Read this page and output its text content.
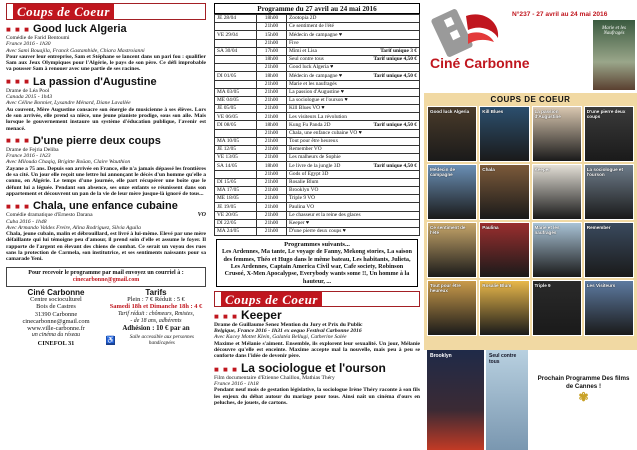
Coups de Coeur
■ ■ ■ Good luck Algeria
Comédie de Farid Bentoumi
France 2016 - 1h30
Avec Sami Bouajila, Franck Gastambide, Chiara Mastroianni
Pour sauver leur entreprise, Sam et Stéphane se lancent dans un pari fou : qualifier Sam aux Jeux Olympiques pour l'Algérie, le pays de son père. Ce défi improbable va pousser Sam à renouer avec une partie de ses racines.
■ ■ ■ La passion d'Augustine
Drame de Léa Pool
Canada 2015 - 1h43
Avec Céline Bonnier, Lysandre Ménard, Diane Lavallée
Au couvent, Mère Augustine consacre son énergie de musicienne à ses élèves. Lors de son arrivée, elle prend sa nièce, une jeune pianiste prodige, sous son aile. Mais lorsque le gouvernement instaure un système d'éducation publique, l'avenir est menacé.
■ ■ ■ D'une pierre deux coups
Drame de Fejria Deliba
France 2016 - 1h23
Avec Milouda Chaqiq, Brigitte Roüan, Claire Wauthion
Zayane a 75 ans. Depuis son arrivée en France, elle n'a jamais dépassé les frontières de sa cité. Un jour elle reçoit une lettre lui annonçant le décès d'un homme qu'elle a connu, en Algérie. Le temps d'une journée, elle part récupérer une boîte que le défunt lui a léguée. Pendant son absence, ses onze enfants se réunissent dans son appartement et découvrent un pan de la vie de leur mère jusque-là ignoré de tous...
■ ■ ■ Chala, une enfance cubaine
Comédie dramatique d'Ernesto Darana	VO
Cuba 2016 - 1h48
Avec Armando Valdes Freire, Alina Rodriguez, Silvia Aguila
Chala, jeune cubain, malin et débrouillard, est livré à lui-même. Elevé par une mère défaillante qui lui témoigne peu d'amour, il prend soin d'elle et assume le foyer. Il rapporte de l'argent en élevant des chiens de combat. Ce serait un voyou des rues sans la protection de Carmela, son institutrice, et ses sentiments naissants pour sa camarade Yeni.
Pour recevoir le programme par mail envoyez un courriel à :
cinecarbonne@gmail.com
Ciné Carbonne
Centre socioculturel
Bois de Castres
31390 Carbonne
cinecarbonne@gmail.com
www.ville-carbonne.fr
un cinéma du réseau
CINEFOL 31
Tarifs
Plein : 7 € Réduit : 5 €
Samedi 18h et Dimanche 18h : 4 €
Tarif réduit : chômeurs, Rmistes,
- de 18 ans, adhérents
Adhésion : 10 € par an
♿	Salle accessible aux personnes handicapées
Programme du 27 avril au 24 mai 2016
JE 28/04	18h00	Zootopia 2D

	21h00	Ce sentiment de l'été

VE 29/04	15h00	Médecin de campagne ♥

	21h00	Five

SA 30/04	17h00	Mimi et Lisa Tarif unique 3 €

	18h00	Seul contre tous Tarif unique 4,50 €

	21h00	Good luck Algeria ♥

DI 01/05	18h00	Médecin de campagne ♥ Tarif unique 4,50 €

	21h00	Marie et les naufragés

MA 03/05	21h00	La passion d'Augustine ♥

ME 04/05	21h00	La sociologue et l'ourson ♥

JE 05/05	21h00	Kill Blues VO ♥

VE 06/05	21h00	Les visiteurs La révolution

DI 08/05	18h00	Kung Fu Panda 2D Tarif unique 4,50 €

	21h00	Chala, une enfance cubaine VO ♥

MA 10/05	21h00	Tout pour être heureux

JE 12/05	21h00	Remember VO

VE 13/05	21h00	Les malheurs de Sophie

SA 14/05	18h00	Le livre de la jungle 3D Tarif unique 4,50 €

	21h00	Gods of Egypt 3D

DI 15/05	21h00	Rosalie Blum

MA 17/05	21h00	Brooklyn VO

ME 18/05	21h00	Triple 9 VO

JE 19/05	21h00	Paulina VO

VE 20/05	21h00	Le chasseur et la reine des glaces

DI 22/05	21h00	Keeper ♥

MA 24/05	21h00	D'une pierre deux coups ♥
Programmes suivants...
Les Ardennes, Ma tante, Le voyage de Fanny, Mekong stories, La saison des femmes, Théo et Hugo dans le même bateau, Les habitants, Julieta, Les Ardennes, Captain America Civil war, Cafe society, Robinson Crusoé, X-Men Apocalypse, Everybody wants some !!, Un homme à la hauteur, ...
Coups de Coeur
■ ■ ■ Keeper
Drame de Guillaume Senez Mention du Jury et Prix du Public
Belgique, France 2016 - 1h31 ex aequo Festival Carbonne 2016
Avec Kacey Mottet Klein, Galatéa Bellugi, Catherine Salée
Maxime et Mélanie s'aiment. Ensemble, ils explorent leur sexualité. Un jour, Mélanie découvre qu'elle est enceinte. Maxime accepte mal la nouvelle, mais peu à peu se conforte dans l'idée de devenir père.
■ ■ ■ La sociologue et l'ourson
Film documentaire d'Etienne Chaillou, Mathias Théry
France 2016 - 1h18
Pendant neuf mois de gestation législative, la sociologue Irène Théry raconte à son fils les enjeux du débat autour du mariage pour tous. Ainsi naît un cinéma d'ours en peluches, de jouets, de cartons.
Ciné Carbonne
N°237 - 27 avril au 24 mai 2016
Marie et les Naufragés
COUPS DE COEUR
Good luck Algeria	Kill Blues	La passion d'Augustine
D'une pierre deux coups
Médecin de campagne
Chala	Keeper	La sociologue et l'ourson
Ce sentiment de l'été
Paulina	Marie et les naufragés
Remember
Tout pour être heureux
Rosalie Blum	Triple 9	Les Visiteurs
Brooklyn	Seul contre tous
Prochain Programme Des films de Cannes !
✾
